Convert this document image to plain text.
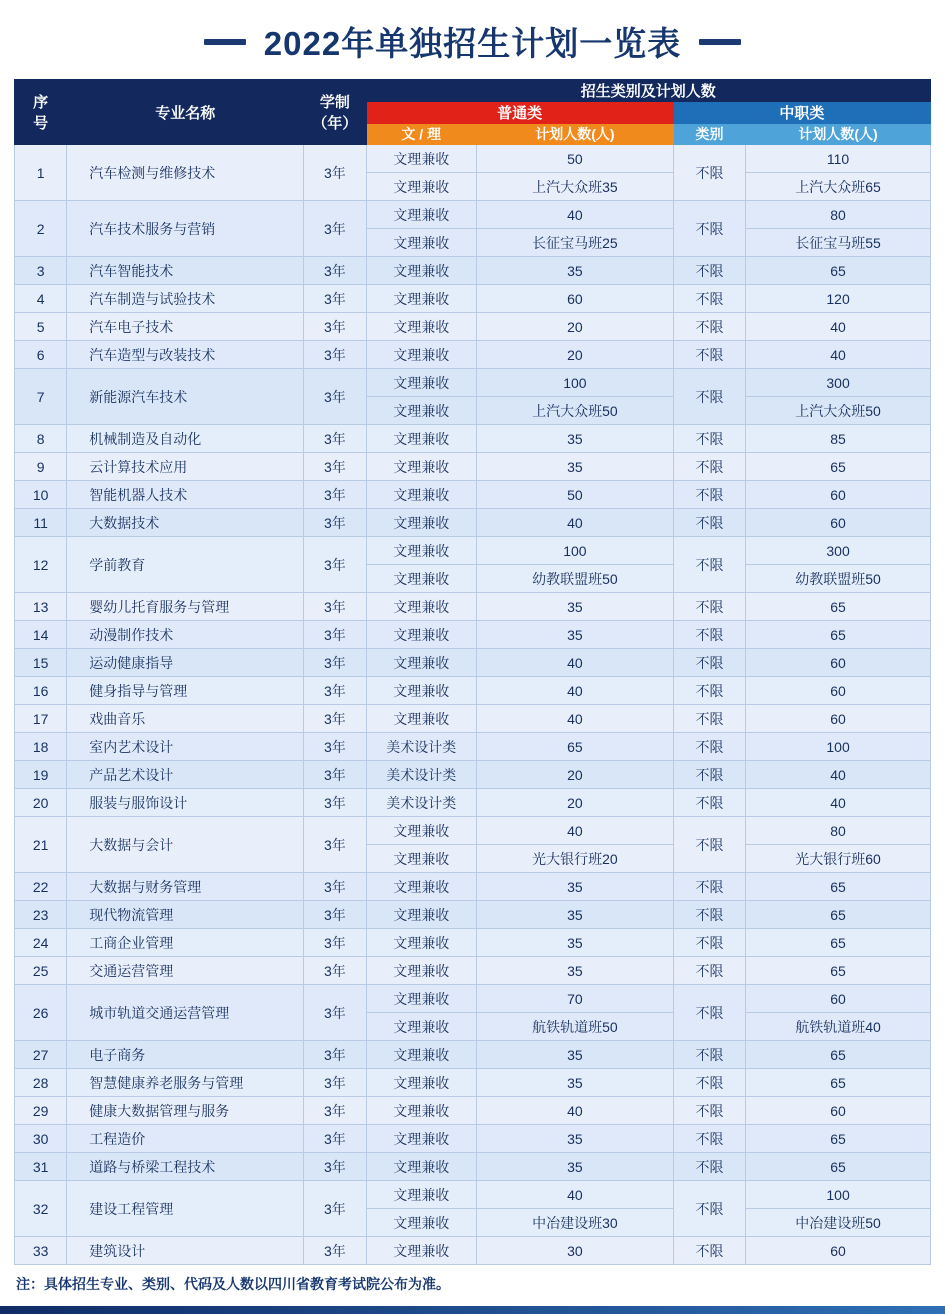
2022年单独招生计划一览表
序
号
	专业名称	
学制
（年）
	招生类别及计划人数
			普通类		中职类	
			文 / 理	计划人数(人)	类别	计划人数(人)
1	汽车检测与维修技术	3年	文理兼收	50	不限	110
			文理兼收	上汽大众班35		上汽大众班65
2	汽车技术服务与营销	3年	文理兼收	40	不限	80
			文理兼收	长征宝马班25		长征宝马班55
3	汽车智能技术	3年	文理兼收	35	不限	65
4	汽车制造与试验技术	3年	文理兼收	60	不限	120
5	汽车电子技术	3年	文理兼收	20	不限	40
6	汽车造型与改装技术	3年	文理兼收	20	不限	40
7	新能源汽车技术	3年	文理兼收	100	不限	300
			文理兼收	上汽大众班50		上汽大众班50
8	机械制造及自动化	3年	文理兼收	35	不限	85
9	云计算技术应用	3年	文理兼收	35	不限	65
10	智能机器人技术	3年	文理兼收	50	不限	60
11	大数据技术	3年	文理兼收	40	不限	60
12	学前教育	3年	文理兼收	100	不限	300
			文理兼收	幼教联盟班50		幼教联盟班50
13	婴幼儿托育服务与管理	3年	文理兼收	35	不限	65
14	动漫制作技术	3年	文理兼收	35	不限	65
15	运动健康指导	3年	文理兼收	40	不限	60
16	健身指导与管理	3年	文理兼收	40	不限	60
17	戏曲音乐	3年	文理兼收	40	不限	60
18	室内艺术设计	3年	美术设计类	65	不限	100
19	产品艺术设计	3年	美术设计类	20	不限	40
20	服装与服饰设计	3年	美术设计类	20	不限	40
21	大数据与会计	3年	文理兼收	40	不限	80
			文理兼收	光大银行班20		光大银行班60
22	大数据与财务管理	3年	文理兼收	35	不限	65
23	现代物流管理	3年	文理兼收	35	不限	65
24	工商企业管理	3年	文理兼收	35	不限	65
25	交通运营管理	3年	文理兼收	35	不限	65
26	城市轨道交通运营管理	3年	文理兼收	70	不限	60
			文理兼收	航铁轨道班50		航铁轨道班40
27	电子商务	3年	文理兼收	35	不限	65
28	智慧健康养老服务与管理	3年	文理兼收	35	不限	65
29	健康大数据管理与服务	3年	文理兼收	40	不限	60
30	工程造价	3年	文理兼收	35	不限	65
31	道路与桥梁工程技术	3年	文理兼收	35	不限	65
32	建设工程管理	3年	文理兼收	40	不限	100
			文理兼收	中冶建设班30		中冶建设班50
33	建筑设计	3年	文理兼收	30	不限	60
注：具体招生专业、类别、代码及人数以四川省教育考试院公布为准。
